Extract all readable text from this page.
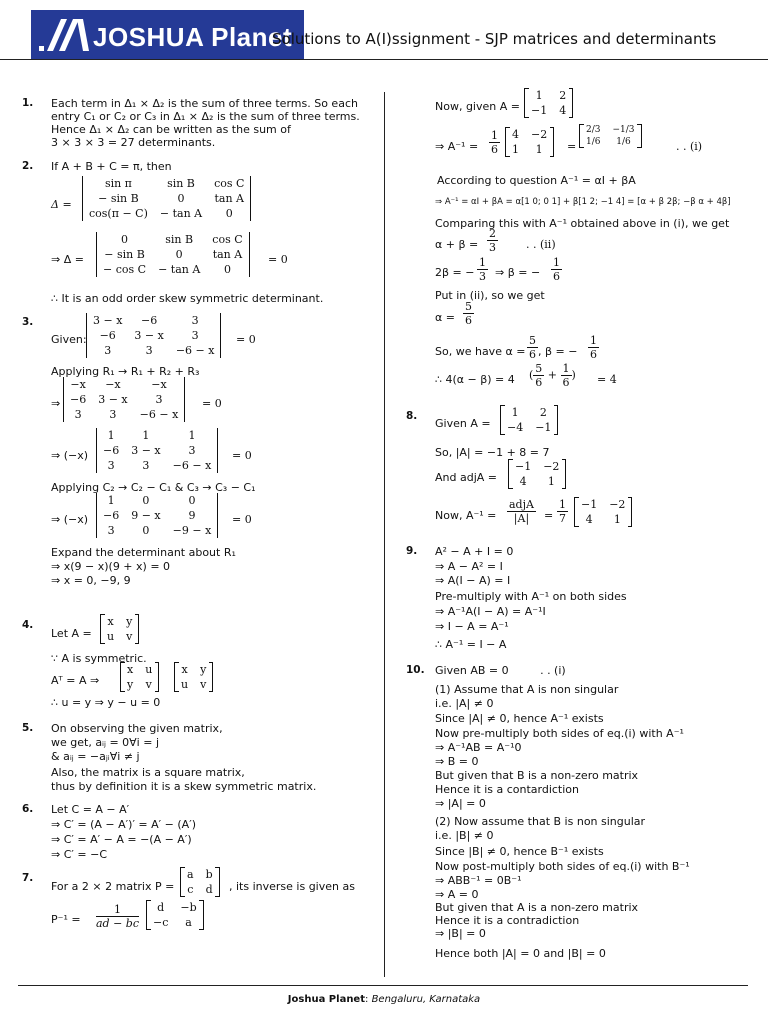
JOSHUA Planet
Solutions to A(I)ssignment - SJP matrices and determinants
1. Each term in Δ₁ × Δ₂ is the sum of three terms. So each
entry C₁ or C₂ or C₃ in Δ₁ × Δ₂ is the sum of three terms.
Hence Δ₁ × Δ₂ can be written as the sum of
3 × 3 × 3 = 27 determinants.
2. If A + B + C = π, then
Δ =
sin π	sin B	cos C
− sin B	0	tan A
cos(π − C)	− tan A	0
⇒ Δ =
0	sin B	cos C
− sin B	0	tan A
− cos C	− tan A	0
= 0
∴ It is an odd order skew symmetric determinant.
3.
Given:
3 − x	−6	3
−6	3 − x	3
3	3	−6 − x
= 0
Applying R₁ → R₁ + R₂ + R₃
⇒
−x	−x	−x
−6	3 − x	3
3	3	−6 − x
= 0
⇒ (−x)
1	1	1
−6	3 − x	3
3	3	−6 − x
= 0
Applying C₂ → C₂ − C₁ & C₃ → C₃ − C₁
⇒ (−x)
1	0	0
−6	9 − x	9
3	0	−9 − x
= 0
Expand the determinant about R₁
⇒ x(9 − x)(9 + x) = 0
⇒ x = 0, −9, 9
4.
Let A =
x	y
u	v

∵ A is symmetric.
Aᵀ = A ⇒
x	u
y	v

x	y
u	v

∴ u = y ⇒ y − u = 0
5. On observing the given matrix,
we get, aᵢⱼ = 0∀i = j
& aᵢⱼ = −aⱼᵢ∀i ≠ j
Also, the matrix is a square matrix,
thus by definition it is a skew symmetric matrix.
6. Let C = A − A′
⇒ C′ = (A − A′)′ = A′ − (A′)
⇒ C′ = A′ − A = −(A − A′)
⇒ C′ = −C
7.
For a 2 × 2 matrix P =
a	b
c	d , its inverse is given as
$P^{-1} = \frac{1}{ad - bc}$ d	−b
−c	a

Now, given A =
1	2
−1	4

⇒ $A^{-1} = \frac{1}{6} 4$	−2
1	1 =
2/3	−1/3
1/6	1/6	. . (i)
According to question A⁻¹ = αI + βA
⇒ A⁻¹ = αI + βA = α[1 0; 0 1] + β[1 2; −1 4] = [α + β 2β; −β α + 4β]
Comparing this with A⁻¹ obtained above in (i), we get
$\alpha + \beta = \frac{2}{3}$	. . (ii)
2β = − $\frac{1}{3}$ ⇒ β = − $\frac{1}{6}$
Put in (ii), so we get
$\alpha = \frac{5}{6}$
So, we have $\alpha = \frac{5}{6}$ , β = − $\frac{1}{6}$
∴ 4(α − β) = 4 ( $\frac{5}{6} + \frac{1}{6}$ ) = 4
8.
Given A =
1	2
−4	−1

So, |A| = −1 + 8 = 7
And adjA =
−1	−2
4	1

Now, $A^{-1} = \frac{\text{adjA}}{|A|} = \frac{1}{7} -1$	−2
4	1

9. A² − A + I = 0
⇒ A − A² = I
⇒ A(I − A) = I
Pre-multiply with A⁻¹ on both sides
⇒ A⁻¹A(I − A) = A⁻¹I
⇒ I − A = A⁻¹
∴ A⁻¹ = I − A
10. Given AB = 0         . . (i)
(1) Assume that A is non singular
i.e. |A| ≠ 0
Since |A| ≠ 0, hence A⁻¹ exists
Now pre-multiply both sides of eq.(i) with A⁻¹
⇒ A⁻¹AB = A⁻¹0
⇒ B = 0
But given that B is a non-zero matrix
Hence it is a contardiction
⇒ |A| = 0
(2) Now assume that B is non singular
i.e. |B| ≠ 0
Since |B| ≠ 0, hence B⁻¹ exists
Now post-multiply both sides of eq.(i) with B⁻¹
⇒ ABB⁻¹ = 0B⁻¹
⇒ A = 0
But given that A is a non-zero matrix
Hence it is a contradiction
⇒ |B| = 0
Hence both |A| = 0 and |B| = 0
Joshua Planet: Bengaluru, Karnataka
